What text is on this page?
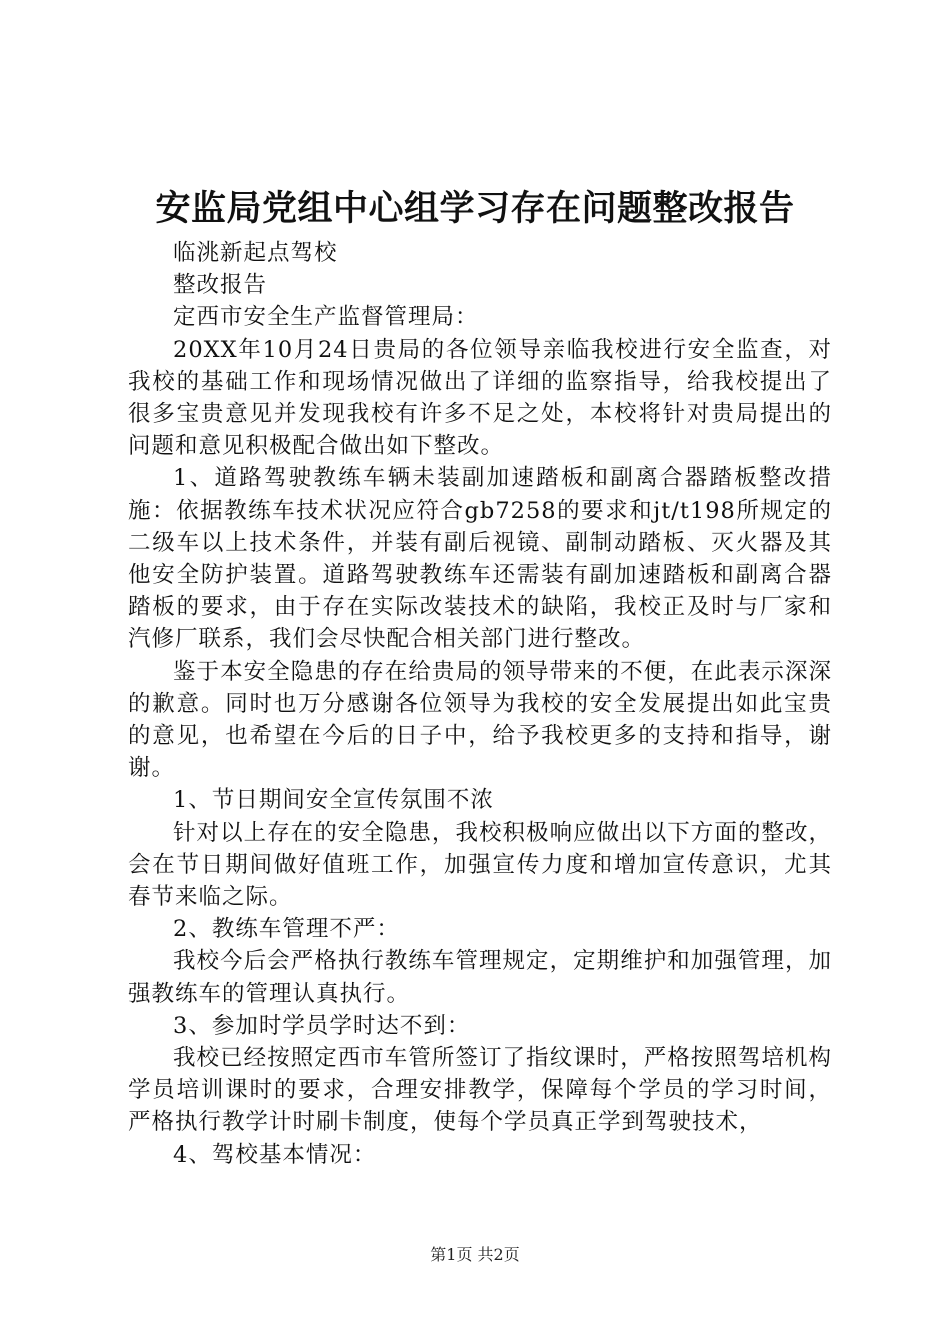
安监局党组中心组学习存在问题整改报告

临洮新起点驾校

整改报告

定西市安全生产监督管理局：

20XX年10月24日贵局的各位领导亲临我校进行安全监查，对我校的基础工作和现场情况做出了详细的监察指导，给我校提出了很多宝贵意见并发现我校有许多不足之处，本校将针对贵局提出的问题和意见积极配合做出如下整改。

1、道路驾驶教练车辆未装副加速踏板和副离合器踏板整改措施：依据教练车技术状况应符合gb7258的要求和jt/t198所规定的二级车以上技术条件，并装有副后视镜、副制动踏板、灭火器及其他安全防护装置。道路驾驶教练车还需装有副加速踏板和副离合器踏板的要求，由于存在实际改装技术的缺陷，我校正及时与厂家和汽修厂联系，我们会尽快配合相关部门进行整改。

鉴于本安全隐患的存在给贵局的领导带来的不便，在此表示深深的歉意。同时也万分感谢各位领导为我校的安全发展提出如此宝贵的意见，也希望在今后的日子中，给予我校更多的支持和指导，谢谢。

1、节日期间安全宣传氛围不浓

针对以上存在的安全隐患，我校积极响应做出以下方面的整改，会在节日期间做好值班工作，加强宣传力度和增加宣传意识，尤其春节来临之际。

2、教练车管理不严：

我校今后会严格执行教练车管理规定，定期维护和加强管理，加强教练车的管理认真执行。

3、参加时学员学时达不到：

我校已经按照定西市车管所签订了指纹课时，严格按照驾培机构学员培训课时的要求，合理安排教学，保障每个学员的学习时间，严格执行教学计时刷卡制度，使每个学员真正学到驾驶技术，

4、驾校基本情况：

第1页 共2页
